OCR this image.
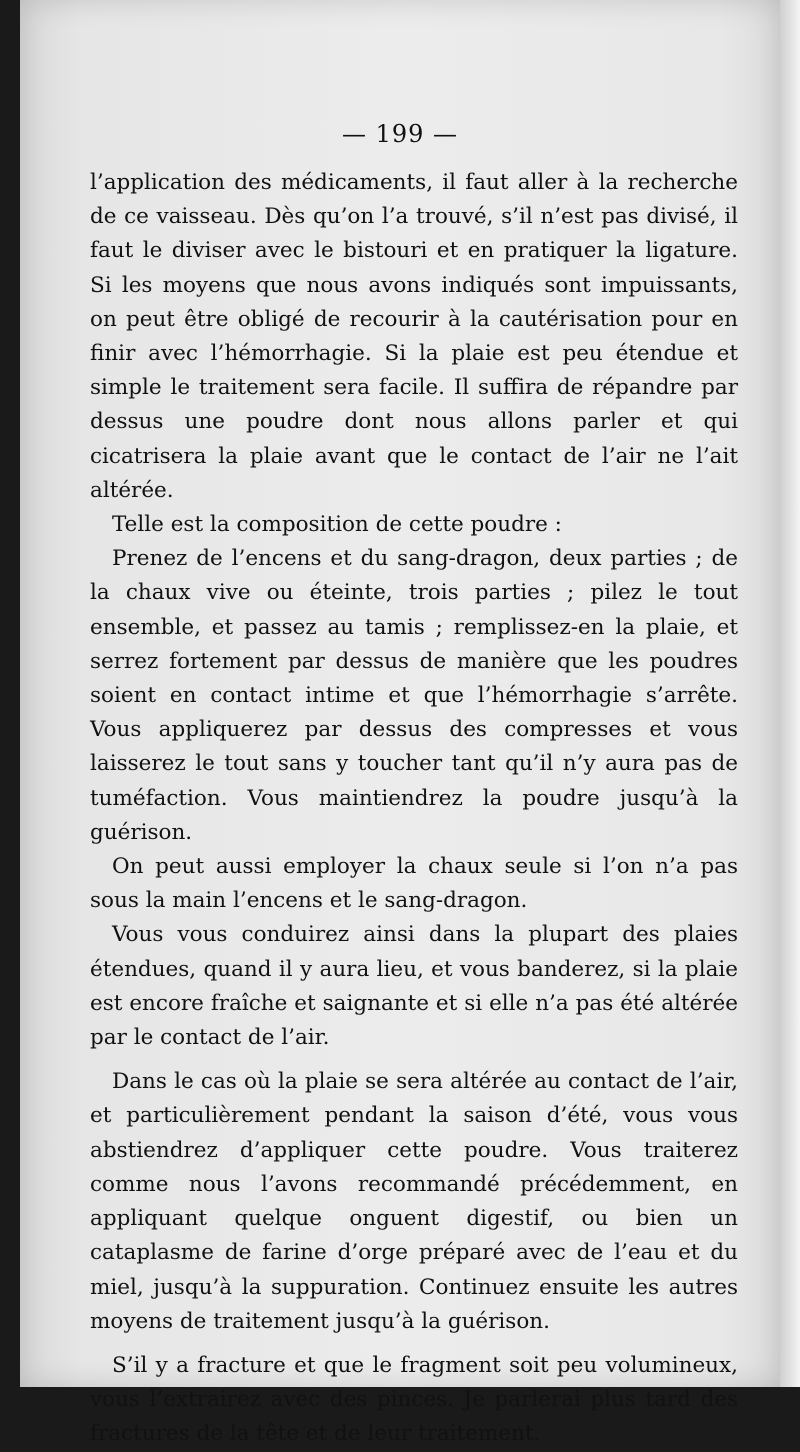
— 199 —

l’application des médicaments, il faut aller à la recherche de ce vaisseau. Dès qu’on l’a trouvé, s’il n’est pas divisé, il faut le diviser avec le bistouri et en pratiquer la ligature. Si les moyens que nous avons indiqués sont impuissants, on peut être obligé de recourir à la cautérisation pour en finir avec l’hémorrhagie. Si la plaie est peu étendue et simple le traitement sera facile. Il suffira de répandre par dessus une poudre dont nous allons parler et qui cicatrisera la plaie avant que le contact de l’air ne l’ait altérée.

Telle est la composition de cette poudre :

Prenez de l’encens et du sang-dragon, deux parties ; de la chaux vive ou éteinte, trois parties ; pilez le tout ensemble, et passez au tamis ; remplissez-en la plaie, et serrez fortement par dessus de manière que les poudres soient en contact intime et que l’hémorrhagie s’arrête. Vous appliquerez par dessus des compresses et vous laisserez le tout sans y toucher tant qu’il n’y aura pas de tuméfaction. Vous maintiendrez la poudre jusqu’à la guérison.

On peut aussi employer la chaux seule si l’on n’a pas sous la main l’encens et le sang-dragon.

Vous vous conduirez ainsi dans la plupart des plaies étendues, quand il y aura lieu, et vous banderez, si la plaie est encore fraîche et saignante et si elle n’a pas été altérée par le contact de l’air.

Dans le cas où la plaie se sera altérée au contact de l’air, et particulièrement pendant la saison d’été, vous vous abstiendrez d’appliquer cette poudre. Vous traiterez comme nous l’avons recommandé précédemment, en appliquant quelque onguent digestif, ou bien un cataplasme de farine d’orge préparé avec de l’eau et du miel, jusqu’à la suppuration. Continuez ensuite les autres moyens de traitement jusqu’à la guérison.

S’il y a fracture et que le fragment soit peu volumineux, vous l’extrairez avec des pinces. Je parlerai plus tard des fractures de la tête et de leur traitement.
